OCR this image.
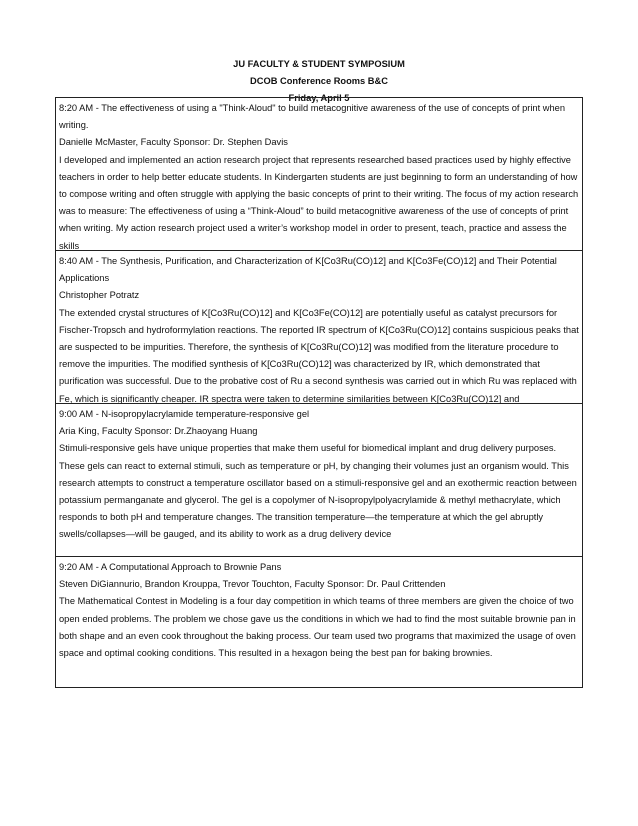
JU FACULTY & STUDENT SYMPOSIUM
DCOB Conference Rooms B&C
Friday, April 5
8:20 AM - The effectiveness of using a "Think-Aloud" to build metacognitive awareness of the use of concepts of print when writing.
Danielle McMaster, Faculty Sponsor: Dr. Stephen Davis
I developed and implemented an action research project that represents researched based practices used by highly effective teachers in order to help better educate students. In Kindergarten students are just beginning to form an understanding of how to compose writing and often struggle with applying the basic concepts of print to their writing. The focus of my action research was to measure: The effectiveness of using a “Think-Aloud” to build metacognitive awareness of the use of concepts of print when writing. My action research project used a writer’s workshop model in order to present, teach, practice and assess the skills
8:40 AM - The Synthesis, Purification, and Characterization of K[Co3Ru(CO)12] and K[Co3Fe(CO)12] and Their Potential Applications
Christopher Potratz
The extended crystal structures of K[Co3Ru(CO)12] and K[Co3Fe(CO)12] are potentially useful as catalyst precursors for Fischer-Tropsch and hydroformylation reactions. The reported IR spectrum of K[Co3Ru(CO)12] contains suspicious peaks that are suspected to be impurities. Therefore, the synthesis of K[Co3Ru(CO)12] was modified from the literature procedure to remove the impurities. The modified synthesis of K[Co3Ru(CO)12] was characterized by IR, which demonstrated that purification was successful. Due to the probative cost of Ru a second synthesis was carried out in which Ru was replaced with Fe, which is significantly cheaper. IR spectra were taken to determine similarities between K[Co3Ru(CO)12] and
9:00 AM - N-isopropylacrylamide temperature-responsive gel
Aria King, Faculty Sponsor: Dr.Zhaoyang Huang
Stimuli-responsive gels have unique properties that make them useful for biomedical implant and drug delivery purposes. These gels can react to external stimuli, such as temperature or pH, by changing their volumes just an organism would. This research attempts to construct a temperature oscillator based on a stimuli-responsive gel and an exothermic reaction between potassium permanganate and glycerol. The gel is a copolymer of N-isopropylpolyacrylamide & methyl methacrylate, which responds to both pH and temperature changes. The transition temperature—the temperature at which the gel abruptly swells/collapses—will be gauged, and its ability to work as a drug delivery device
9:20 AM - A Computational Approach to Brownie Pans
Steven DiGiannurio, Brandon Krouppa, Trevor Touchton, Faculty Sponsor: Dr. Paul Crittenden
The Mathematical Contest in Modeling is a four day competition in which teams of three members are given the choice of two open ended problems. The problem we chose gave us the conditions in which we had to find the most suitable brownie pan in both shape and an even cook throughout the baking process. Our team used two programs that maximized the usage of oven space and optimal cooking conditions. This resulted in a hexagon being the best pan for baking brownies.
